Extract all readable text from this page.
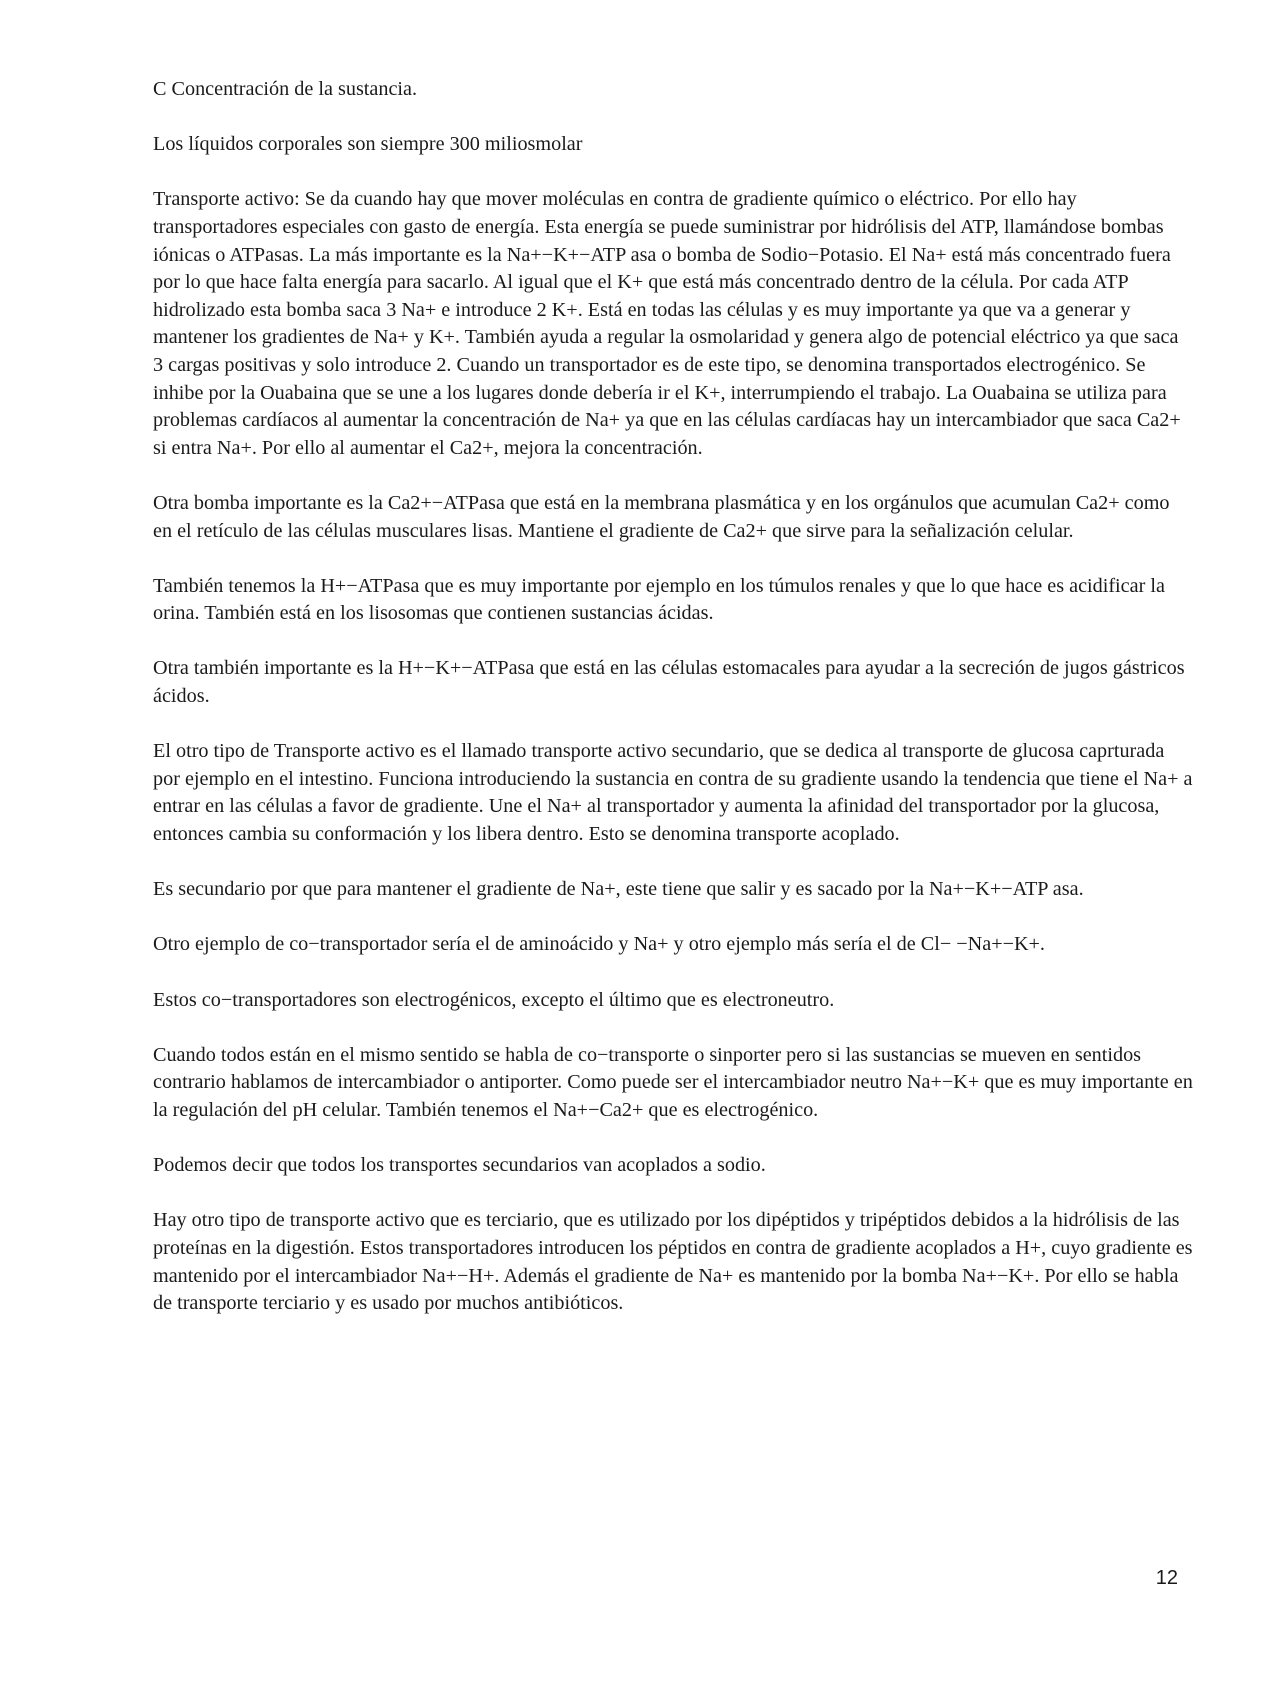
C Concentración de la sustancia.

Los líquidos corporales son siempre 300 miliosmolar

Transporte activo: Se da cuando hay que mover moléculas en contra de gradiente químico o eléctrico. Por ello hay transportadores especiales con gasto de energía. Esta energía se puede suministrar por hidrólisis del ATP, llamándose bombas iónicas o ATPasas. La más importante es la Na+−K+−ATP asa o bomba de Sodio−Potasio. El Na+ está más concentrado fuera por lo que hace falta energía para sacarlo. Al igual que el K+ que está más concentrado dentro de la célula. Por cada ATP hidrolizado esta bomba saca 3 Na+ e introduce 2 K+. Está en todas las células y es muy importante ya que va a generar y mantener los gradientes de Na+ y K+. También ayuda a regular la osmolaridad y genera algo de potencial eléctrico ya que saca 3 cargas positivas y solo introduce 2. Cuando un transportador es de este tipo, se denomina transportados electrogénico. Se inhibe por la Ouabaina que se une a los lugares donde debería ir el K+, interrumpiendo el trabajo. La Ouabaina se utiliza para problemas cardíacos al aumentar la concentración de Na+ ya que en las células cardíacas hay un intercambiador que saca Ca2+ si entra Na+. Por ello al aumentar el Ca2+, mejora la concentración.

Otra bomba importante es la Ca2+−ATPasa que está en la membrana plasmática y en los orgánulos que acumulan Ca2+ como en el retículo de las células musculares lisas. Mantiene el gradiente de Ca2+ que sirve para la señalización celular.

También tenemos la H+−ATPasa que es muy importante por ejemplo en los túmulos renales y que lo que hace es acidificar la orina. También está en los lisosomas que contienen sustancias ácidas.

Otra también importante es la H+−K+−ATPasa que está en las células estomacales para ayudar a la secreción de jugos gástricos ácidos.

El otro tipo de Transporte activo es el llamado transporte activo secundario, que se dedica al transporte de glucosa caprturada por ejemplo en el intestino. Funciona introduciendo la sustancia en contra de su gradiente usando la tendencia que tiene el Na+ a entrar en las células a favor de gradiente. Une el Na+ al transportador y aumenta la afinidad del transportador por la glucosa, entonces cambia su conformación y los libera dentro. Esto se denomina transporte acoplado.

Es secundario por que para mantener el gradiente de Na+, este tiene que salir y es sacado por la Na+−K+−ATP asa.

Otro ejemplo de co−transportador sería el de aminoácido y Na+ y otro ejemplo más sería el de Cl− −Na+−K+.

Estos co−transportadores son electrogénicos, excepto el último que es electroneutro.

Cuando todos están en el mismo sentido se habla de co−transporte o sinporter pero si las sustancias se mueven en sentidos contrario hablamos de intercambiador o antiporter. Como puede ser el intercambiador neutro Na+−K+ que es muy importante en la regulación del pH celular. También tenemos el Na+−Ca2+ que es electrogénico.

Podemos decir que todos los transportes secundarios van acoplados a sodio.

Hay otro tipo de transporte activo que es terciario, que es utilizado por los dipéptidos y tripéptidos debidos a la hidrólisis de las proteínas en la digestión. Estos transportadores introducen los péptidos en contra de gradiente acoplados a H+, cuyo gradiente es mantenido por el intercambiador Na+−H+. Además el gradiente de Na+ es mantenido por la bomba Na+−K+. Por ello se habla de transporte terciario y es usado por muchos antibióticos.

12
